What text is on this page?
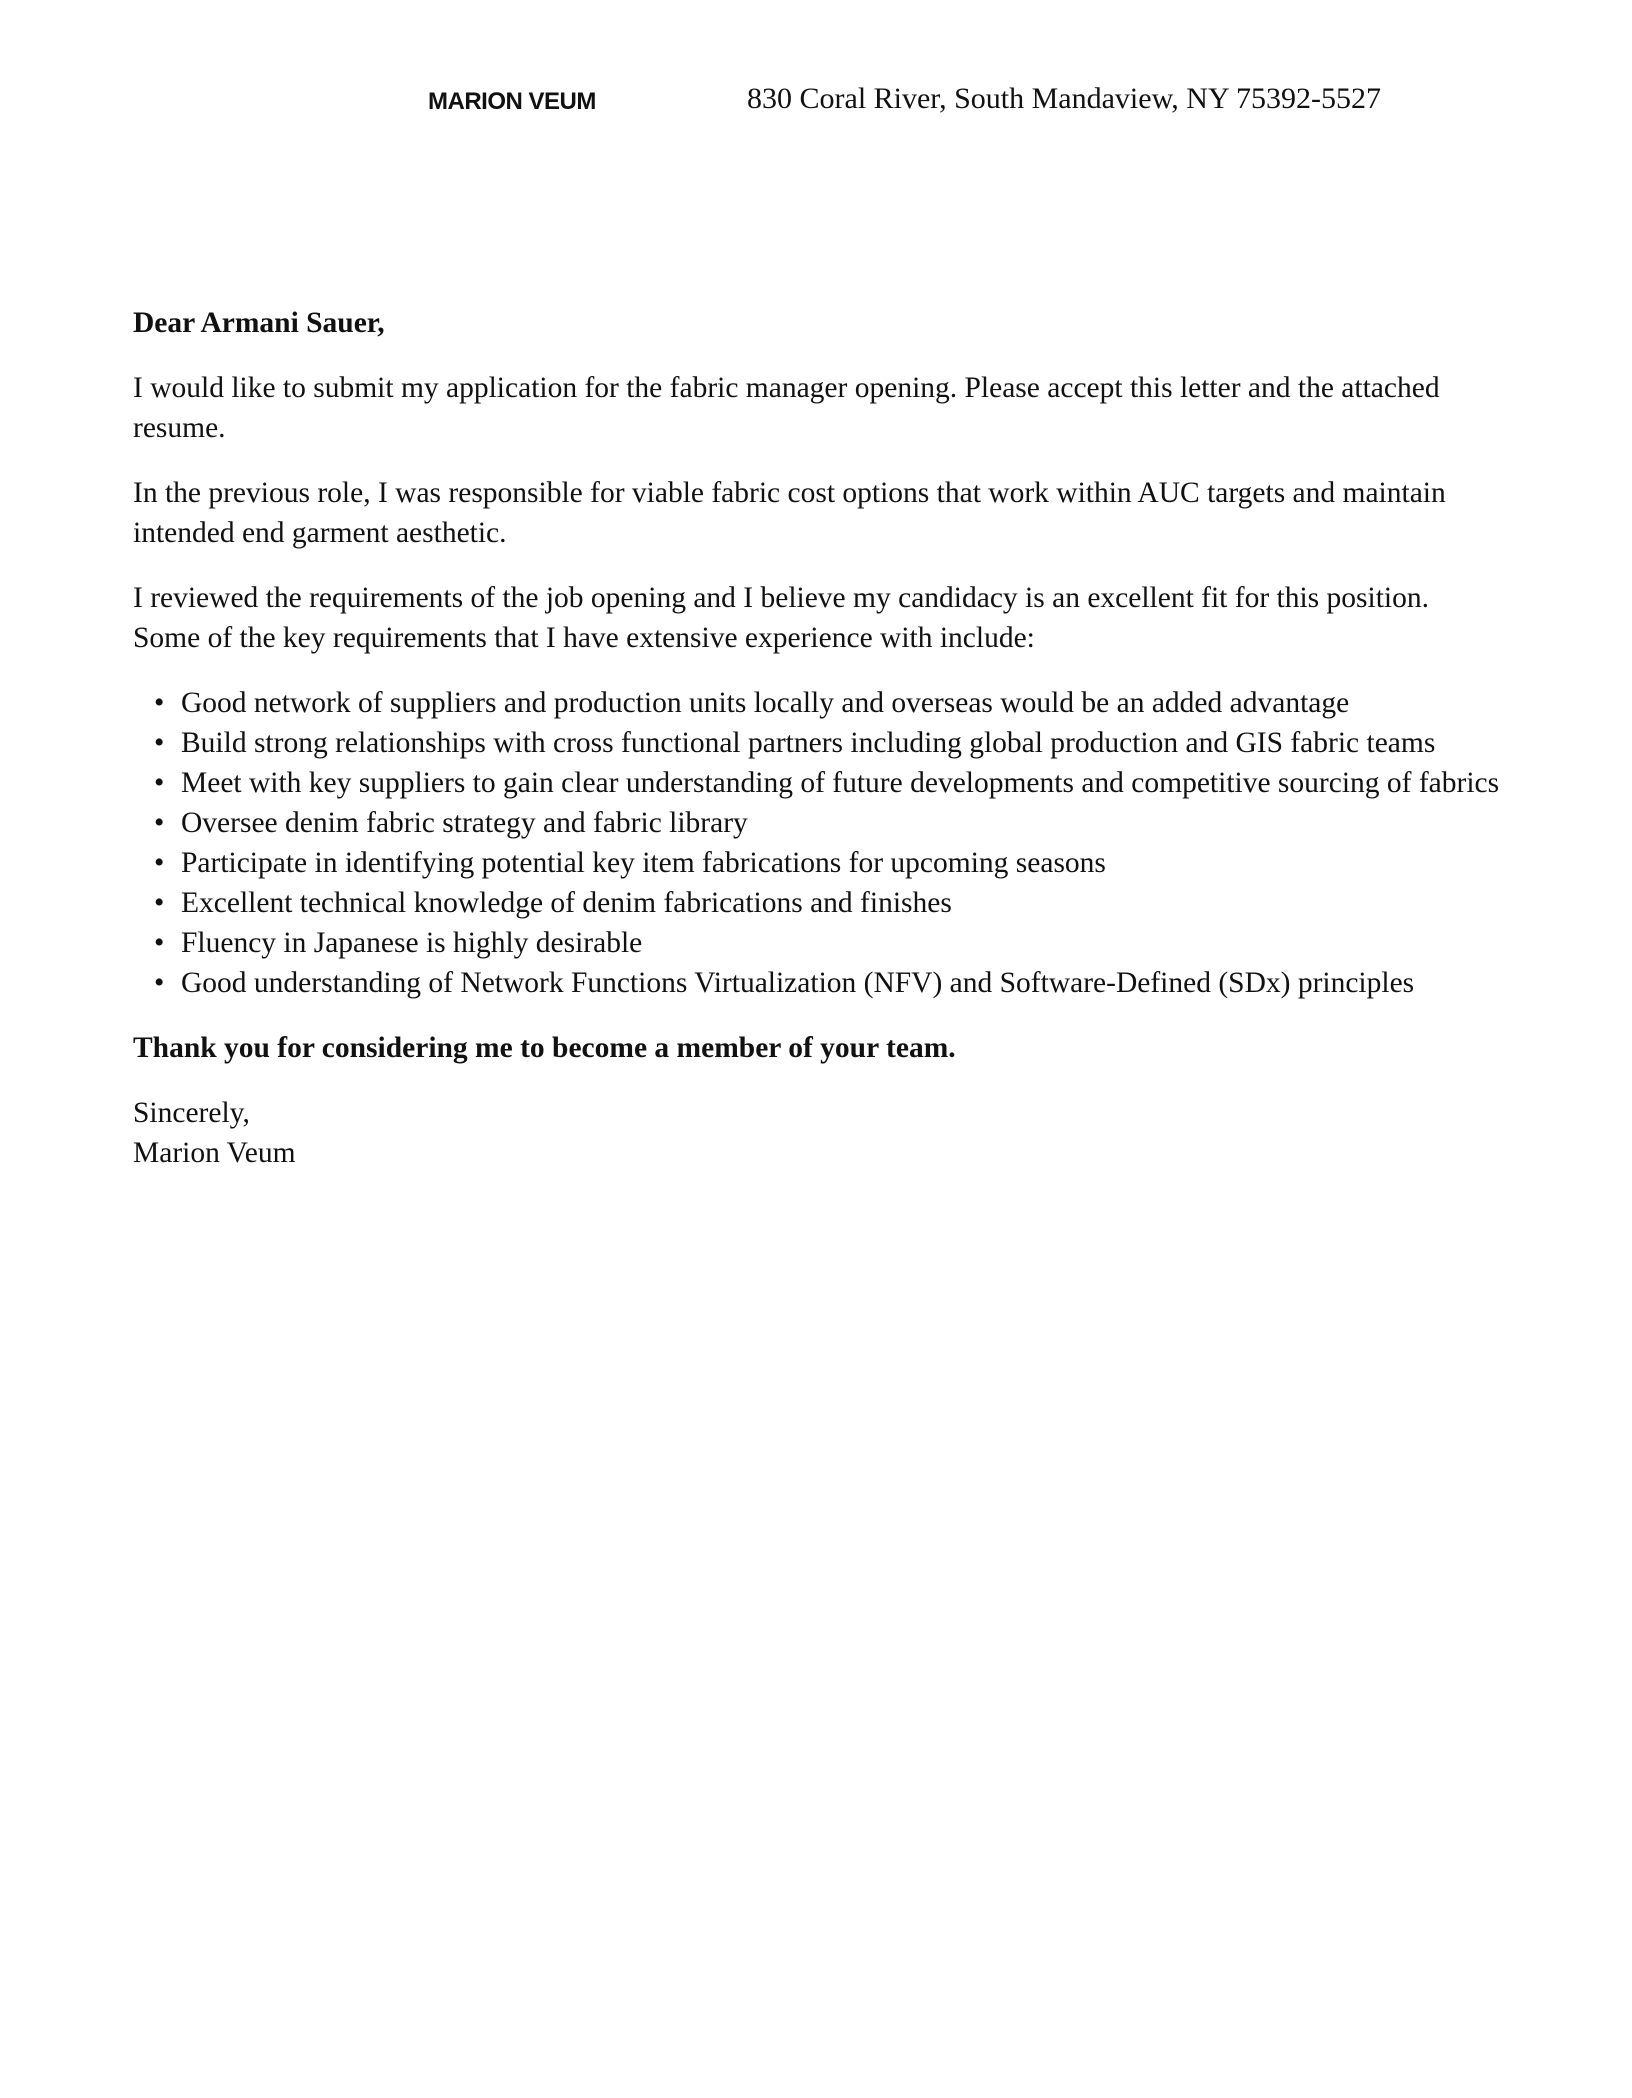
MARION VEUM	830 Coral River, South Mandaview, NY 75392-5527

Dear Armani Sauer,

I would like to submit my application for the fabric manager opening. Please accept this letter and the attached resume.

In the previous role, I was responsible for viable fabric cost options that work within AUC targets and maintain intended end garment aesthetic.

I reviewed the requirements of the job opening and I believe my candidacy is an excellent fit for this position. Some of the key requirements that I have extensive experience with include:

• Good network of suppliers and production units locally and overseas would be an added advantage
• Build strong relationships with cross functional partners including global production and GIS fabric teams
• Meet with key suppliers to gain clear understanding of future developments and competitive sourcing of fabrics
• Oversee denim fabric strategy and fabric library
• Participate in identifying potential key item fabrications for upcoming seasons
• Excellent technical knowledge of denim fabrications and finishes
• Fluency in Japanese is highly desirable
• Good understanding of Network Functions Virtualization (NFV) and Software-Defined (SDx) principles

Thank you for considering me to become a member of your team.

Sincerely,
Marion Veum
